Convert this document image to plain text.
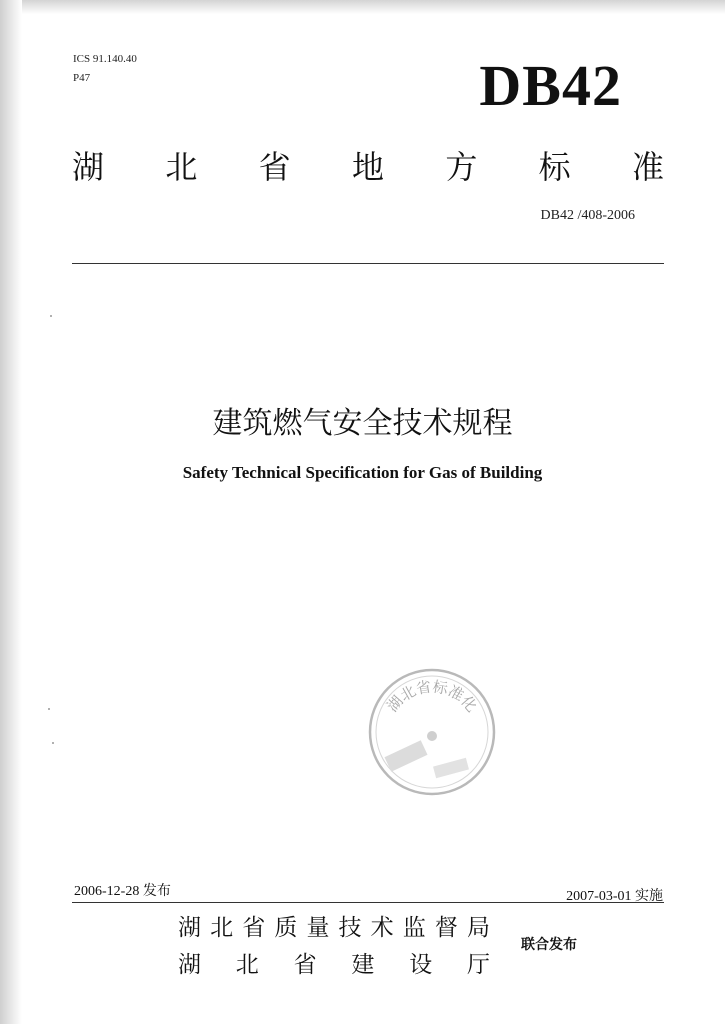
ICS 91.140.40
P47	DB42
湖 北 省 地 方 标 准
DB42 /408-2006
建筑燃气安全技术规程
Safety Technical Specification for Gas of Building
湖北省标准化
2006-12-28 发布	2007-03-01 实施
湖 北 省 质 量 技 术 监 督 局
湖 北 省 建 设 厅
联合发布
